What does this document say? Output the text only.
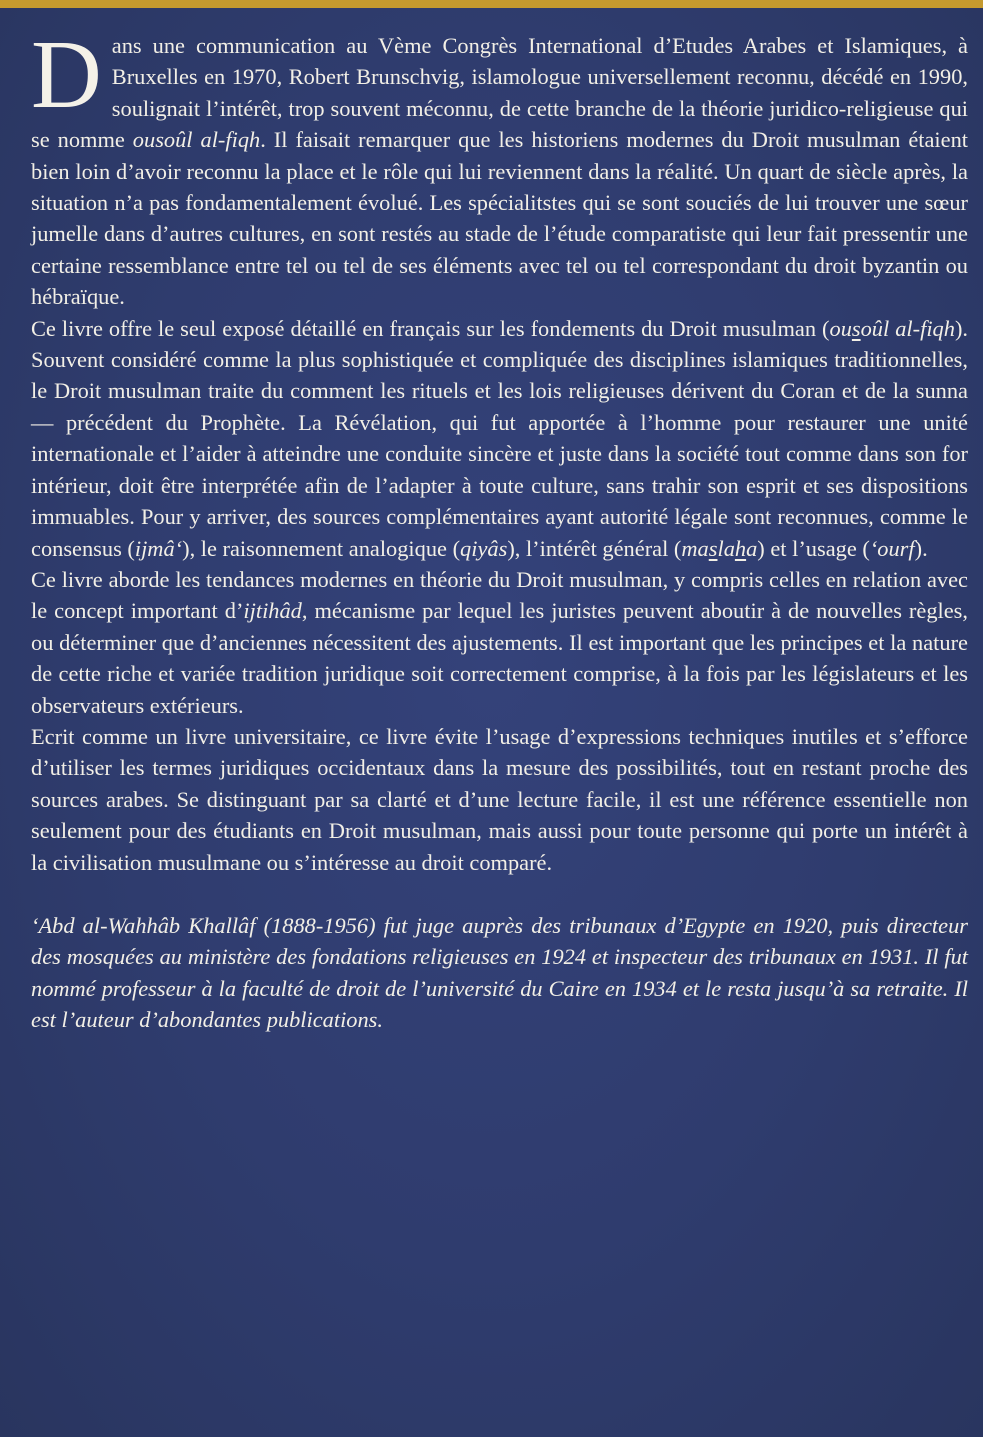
Dans une communication au Vème Congrès International d’Etudes Arabes et Islamiques, à Bruxelles en 1970, Robert Brunschvig, islamologue universellement reconnu, décédé en 1990, soulignait l’intérêt, trop souvent méconnu, de cette branche de la théorie juridico-religieuse qui se nomme ousoûl al-fiqh. Il faisait remarquer que les historiens modernes du Droit musulman étaient bien loin d’avoir reconnu la place et le rôle qui lui reviennent dans la réalité. Un quart de siècle après, la situation n’a pas fondamentalement évolué. Les spécialitstes qui se sont souciés de lui trouver une sœur jumelle dans d’autres cultures, en sont restés au stade de l’étude comparatiste qui leur fait pressentir une certaine ressemblance entre tel ou tel de ses éléments avec tel ou tel correspondant du droit byzantin ou hébraïque.

Ce livre offre le seul exposé détaillé en français sur les fondements du Droit musulman (ousoûl al-fiqh). Souvent considéré comme la plus sophistiquée et compliquée des disciplines islamiques traditionnelles, le Droit musulman traite du comment les rituels et les lois religieuses dérivent du Coran et de la sunna — précédent du Prophète. La Révélation, qui fut apportée à l’homme pour restaurer une unité internationale et l’aider à atteindre une conduite sincère et juste dans la société tout comme dans son for intérieur, doit être interprétée afin de l’adapter à toute culture, sans trahir son esprit et ses dispositions immuables. Pour y arriver, des sources complémentaires ayant autorité légale sont reconnues, comme le consensus (ijmâ‘), le raisonnement analogique (qiyâs), l’intérêt général (maslaha) et l’usage (‘ourf).

Ce livre aborde les tendances modernes en théorie du Droit musulman, y compris celles en relation avec le concept important d’ijtihâd, mécanisme par lequel les juristes peuvent aboutir à de nouvelles règles, ou déterminer que d’anciennes nécessitent des ajustements. Il est important que les principes et la nature de cette riche et variée tradition juridique soit correctement comprise, à la fois par les législateurs et les observateurs extérieurs.

Ecrit comme un livre universitaire, ce livre évite l’usage d’expressions techniques inutiles et s’efforce d’utiliser les termes juridiques occidentaux dans la mesure des possibilités, tout en restant proche des sources arabes. Se distinguant par sa clarté et d’une lecture facile, il est une référence essentielle non seulement pour des étudiants en Droit musulman, mais aussi pour toute personne qui porte un intérêt à la civilisation musulmane ou s’intéresse au droit comparé.

‘Abd al-Wahhâb Khallâf (1888-1956) fut juge auprès des tribunaux d’Egypte en 1920, puis directeur des mosquées au ministère des fondations religieuses en 1924 et inspecteur des tribunaux en 1931. Il fut nommé professeur à la faculté de droit de l’université du Caire en 1934 et le resta jusqu’à sa retraite. Il est l’auteur d’abondantes publications.
